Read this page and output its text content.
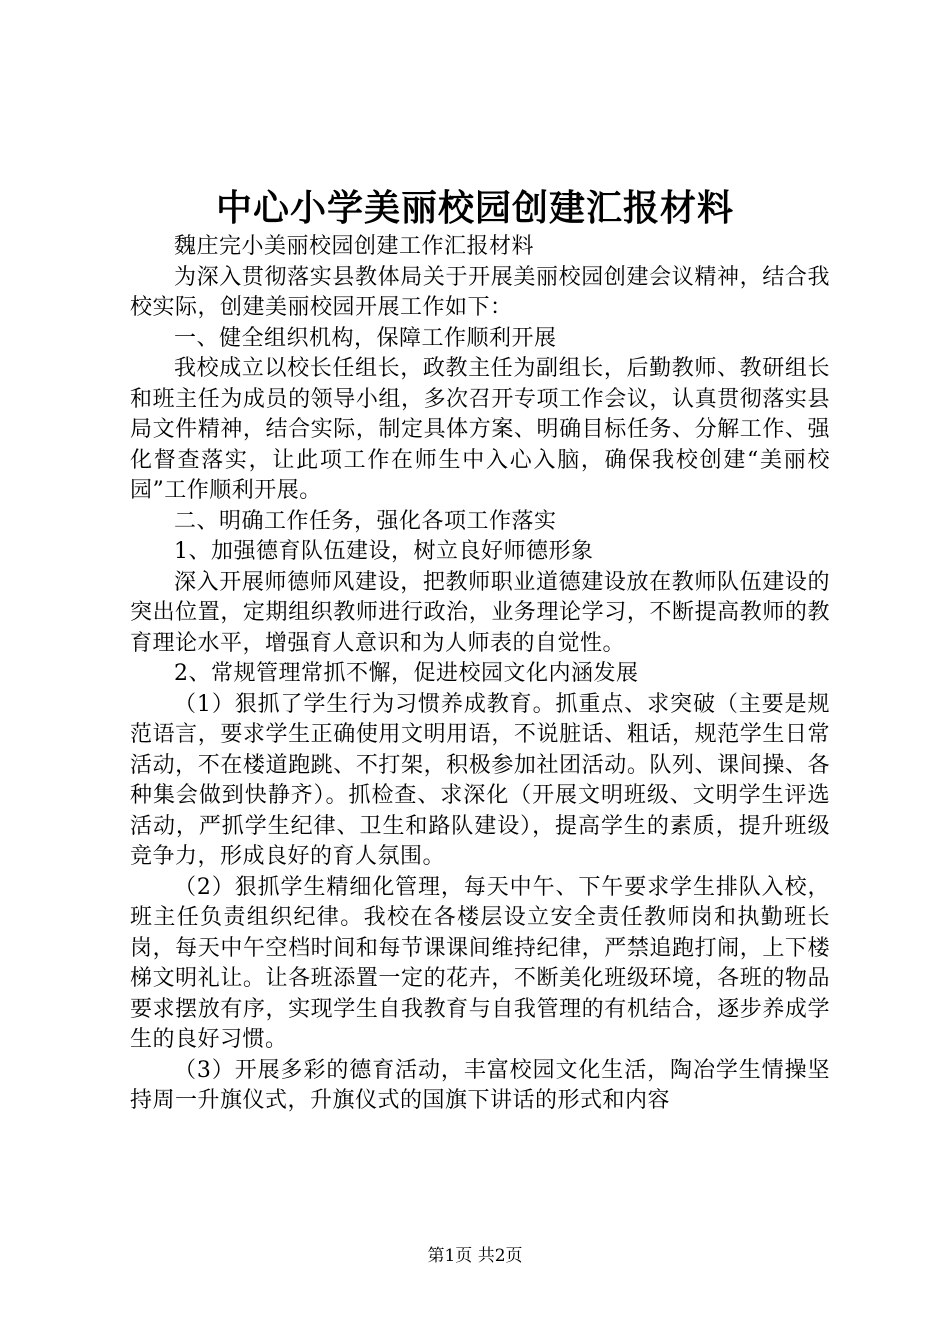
中心小学美丽校园创建汇报材料

魏庄完小美丽校园创建工作汇报材料

为深入贯彻落实县教体局关于开展美丽校园创建会议精神，结合我校实际，创建美丽校园开展工作如下：

一、健全组织机构，保障工作顺利开展

我校成立以校长任组长，政教主任为副组长，后勤教师、教研组长和班主任为成员的领导小组，多次召开专项工作会议，认真贯彻落实县局文件精神，结合实际，制定具体方案、明确目标任务、分解工作、强化督查落实，让此项工作在师生中入心入脑，确保我校创建“美丽校园”工作顺利开展。

二、明确工作任务，强化各项工作落实

1、加强德育队伍建设，树立良好师德形象

深入开展师德师风建设，把教师职业道德建设放在教师队伍建设的突出位置，定期组织教师进行政治，业务理论学习，不断提高教师的教育理论水平，增强育人意识和为人师表的自觉性。

2、常规管理常抓不懈，促进校园文化内涵发展

（1）狠抓了学生行为习惯养成教育。抓重点、求突破（主要是规范语言，要求学生正确使用文明用语，不说脏话、粗话，规范学生日常活动，不在楼道跑跳、不打架，积极参加社团活动。队列、课间操、各种集会做到快静齐）。抓检查、求深化（开展文明班级、文明学生评选活动，严抓学生纪律、卫生和路队建设），提高学生的素质，提升班级竞争力，形成良好的育人氛围。

（2）狠抓学生精细化管理，每天中午、下午要求学生排队入校，班主任负责组织纪律。我校在各楼层设立安全责任教师岗和执勤班长岗，每天中午空档时间和每节课课间维持纪律，严禁追跑打闹，上下楼梯文明礼让。让各班添置一定的花卉，不断美化班级环境，各班的物品要求摆放有序，实现学生自我教育与自我管理的有机结合，逐步养成学生的良好习惯。

（3）开展多彩的德育活动，丰富校园文化生活，陶冶学生情操坚持周一升旗仪式，升旗仪式的国旗下讲话的形式和内容

第1页 共2页
